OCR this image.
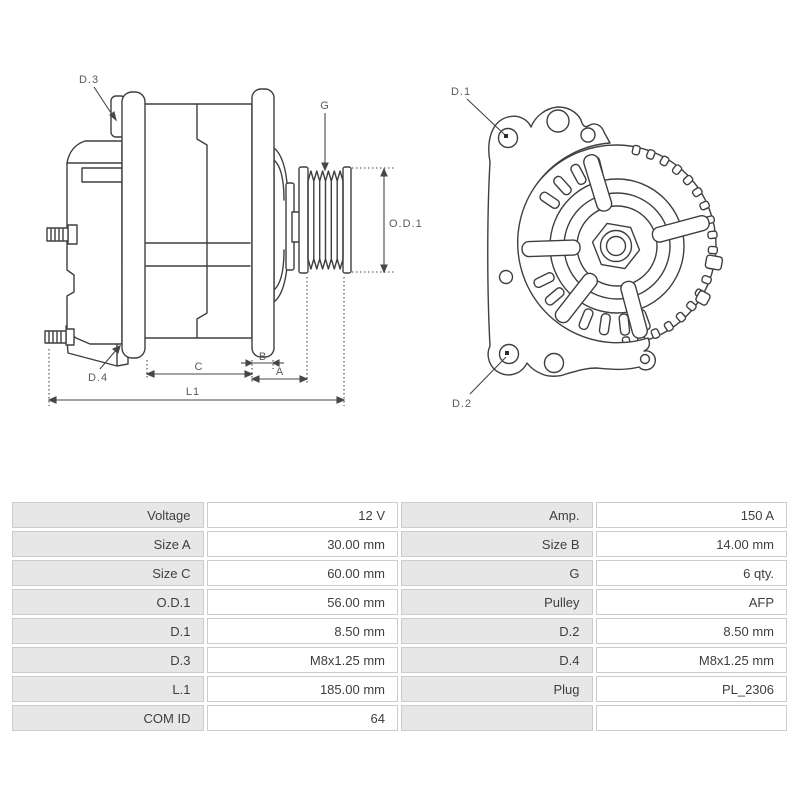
D.3
G
O.D.1
D.4
C
B
A
L1
D.1
D.2
Voltage	12 V	Amp.	150 A
Size A	30.00 mm	Size B	14.00 mm
Size C	60.00 mm	G	6 qty.
O.D.1	56.00 mm	Pulley	AFP
D.1	8.50 mm	D.2	8.50 mm
D.3	M8x1.25 mm	D.4	M8x1.25 mm
L.1	185.00 mm	Plug	PL_2306
COM ID	64		
